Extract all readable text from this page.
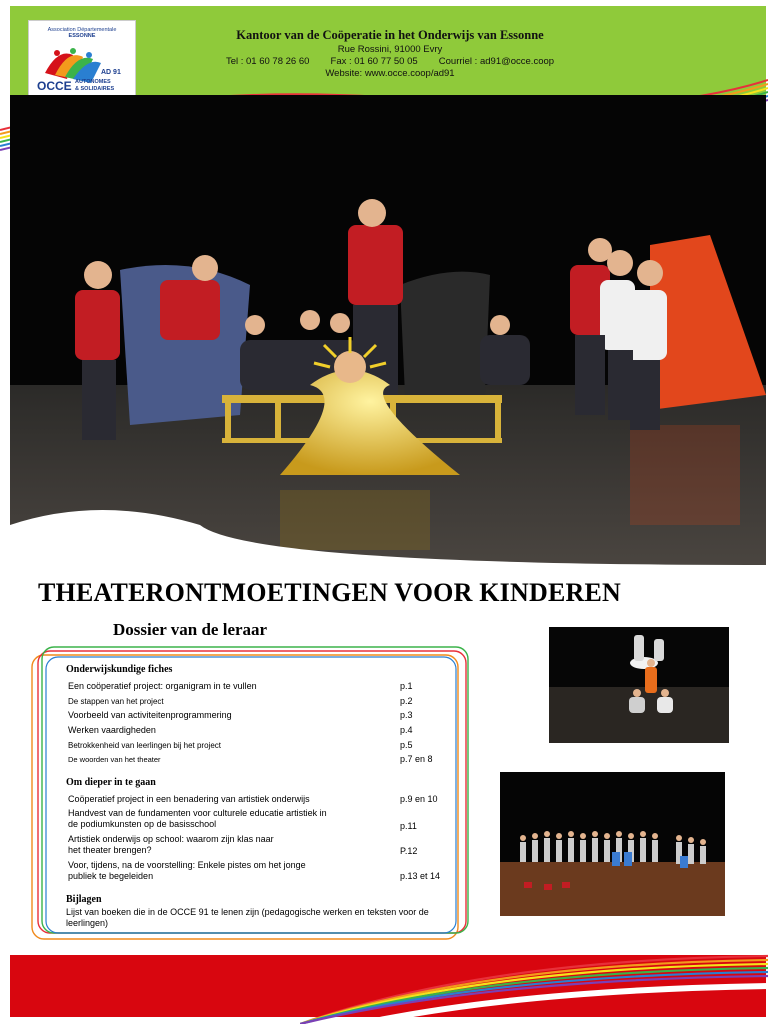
Kantoor van de Coöperatie in het Onderwijs van Essonne
Rue Rossini, 91000 Evry
Tel : 01 60 78 26 60        Fax : 01 60 77 50 05        Courriel : ad91@occe.coop
Website: www.occe.coop/ad91
Association Départementale
ESSONNE
AD 91
OCCE AUTONOMES
& SOLIDAIRES
THEATERONTMOETINGEN VOOR KINDEREN
Dossier van de leraar
Onderwijskundige fiches
Een coöperatief project: organigram in te vullen	p.1
De stappen van het project	p.2
Voorbeeld van activiteitenprogrammering	p.3
Werken vaardigheden	p.4
Betrokkenheid van leerlingen bij het project	p.5
De woorden van het theater	p.7 en 8
Om dieper in te gaan
Coöperatief project in een benadering van artistiek onderwijs	p.9 en 10
Handvest van de fundamenten voor culturele educatie artistiek in de podiumkunsten op de basisschool	p.11
Artistiek onderwijs op school: waarom zijn klas naar het theater brengen?	P.12
Voor, tijdens, na de voorstelling: Enkele pistes om het jonge publiek te begeleiden	p.13 et 14
Bijlagen
Lijst van boeken die in de OCCE 91 te lenen zijn (pedagogische werken en teksten voor de leerlingen)
